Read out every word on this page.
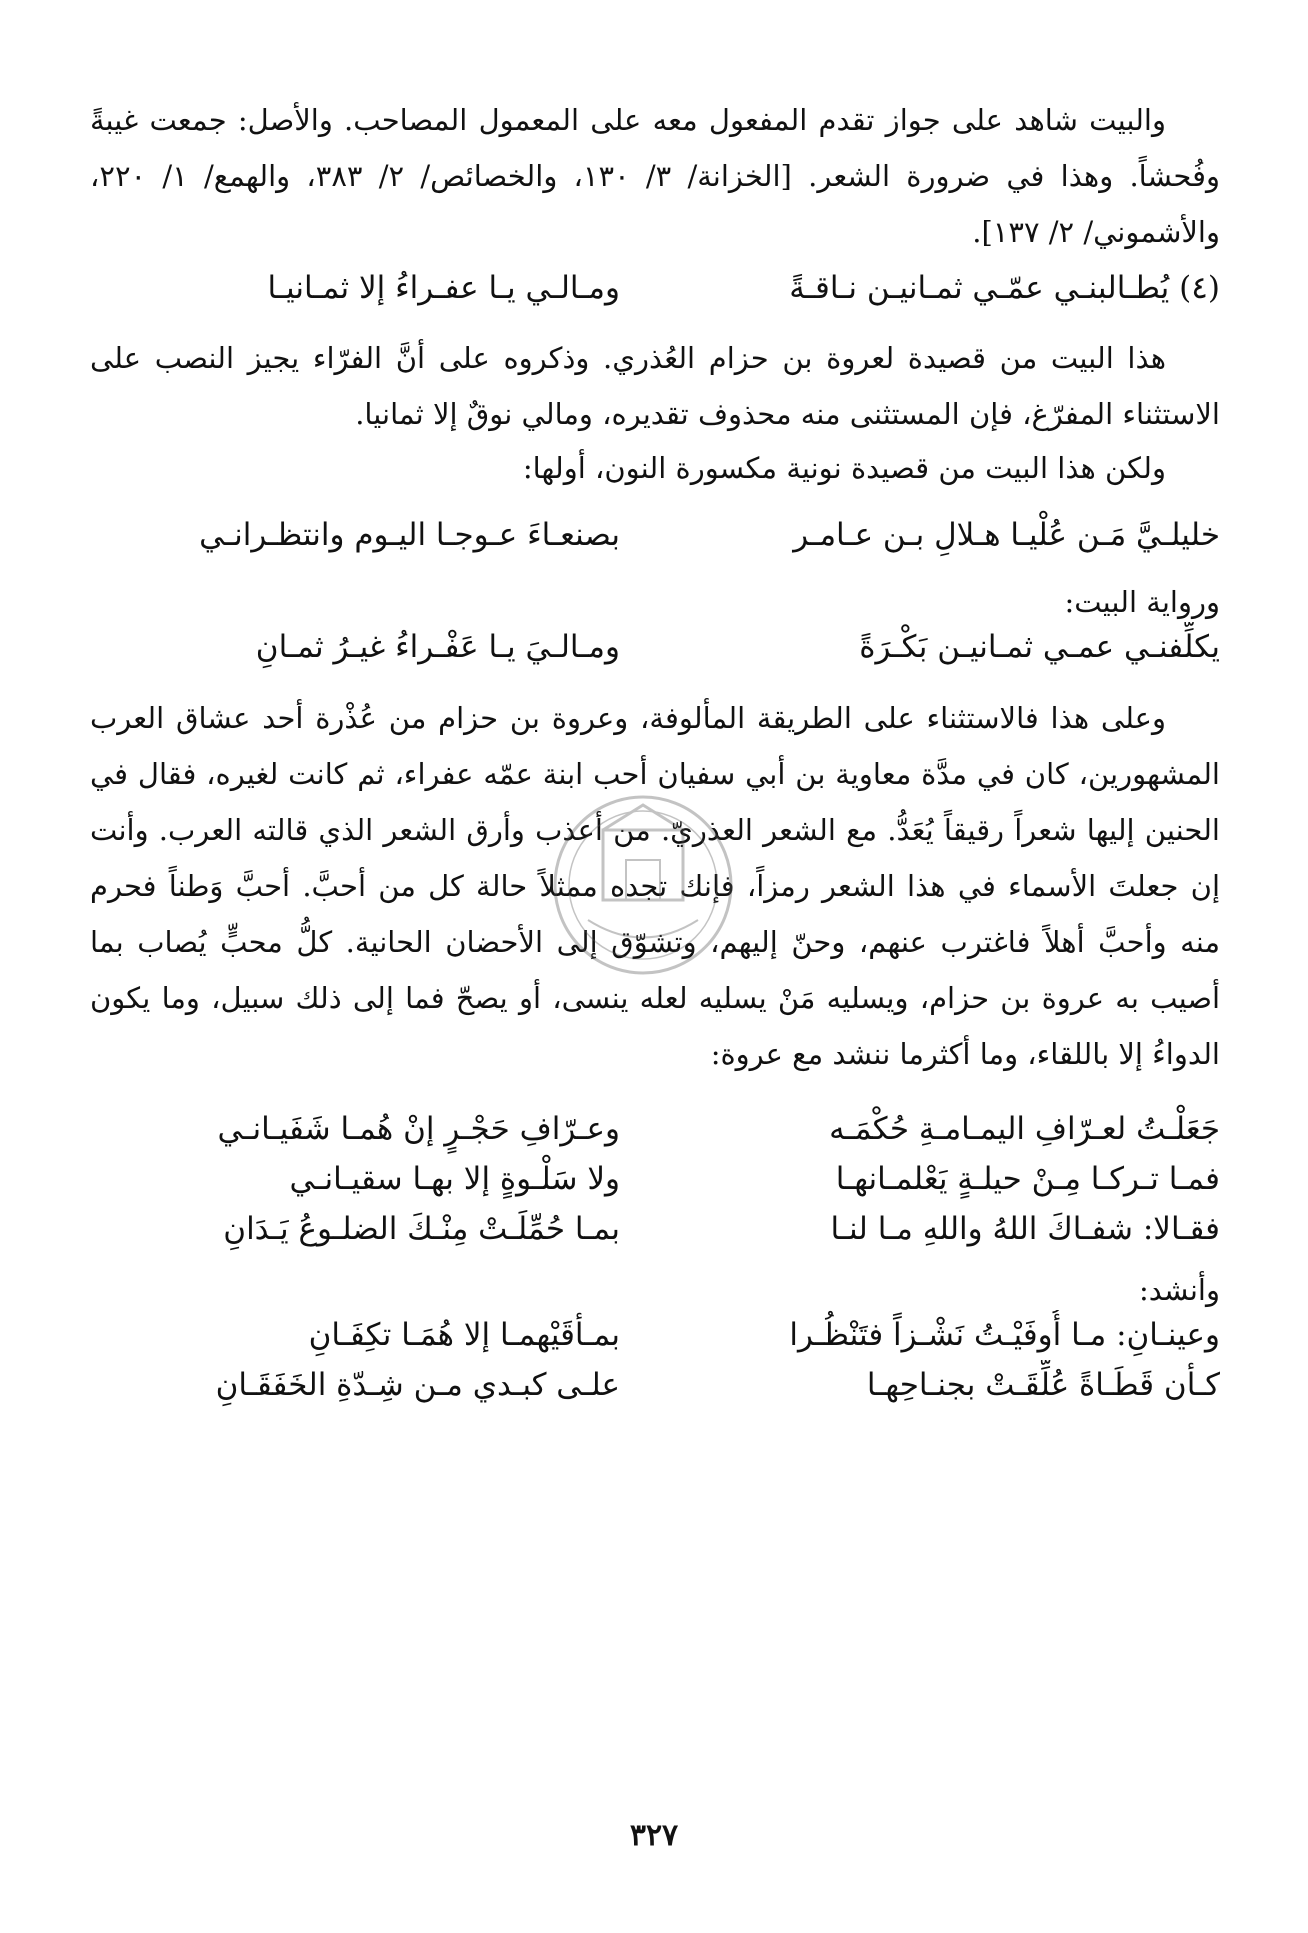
والبيت شاهد على جواز تقدم المفعول معه على المعمول المصاحب. والأصل: جمعت غيبةً وفُحشاً. وهذا في ضرورة الشعر. [الخزانة/ ٣/ ١٣٠، والخصائص/ ٢/ ٣٨٣، والهمع/ ١/ ٢٢٠، والأشموني/ ٢/ ١٣٧].

(٤) يُطـالبنـي عمّـي ثمـانيـن نـاقـةً
ومـالـي يـا عفـراءُ إلا ثمـانيـا

هذا البيت من قصيدة لعروة بن حزام العُذري. وذكروه على أنَّ الفرّاء يجيز النصب على الاستثناء المفرّغ، فإن المستثنى منه محذوف تقديره، ومالي نوقٌ إلا ثمانيا.

ولكن هذا البيت من قصيدة نونية مكسورة النون، أولها:

خليلـيَّ مَـن عُلْيـا هـلالِ بـن عـامـر
بصنعـاءَ عـوجـا اليـوم وانتظـرانـي
ورواية البيت:
يكلِّفنـي عمـي ثمـانيـن بَكْـرَةً
ومـالـيَ يـا عَفْـراءُ غيـرُ ثمـانِ

وعلى هذا فالاستثناء على الطريقة المألوفة، وعروة بن حزام من عُذْرة أحد عشاق العرب المشهورين، كان في مدَّة معاوية بن أبي سفيان أحب ابنة عمّه عفراء، ثم كانت لغيره، فقال في الحنين إليها شعراً رقيقاً يُعَدُّ. مع الشعر العذريّ. من أعذب وأرق الشعر الذي قالته العرب. وأنت إن جعلتَ الأسماء في هذا الشعر رمزاً، فإنك تجده ممثلاً حالة كل من أحبَّ. أحبَّ وَطناً فحرم منه وأحبَّ أهلاً فاغترب عنهم، وحنّ إليهم، وتشوّق إلى الأحضان الحانية. كلُّ محبٍّ يُصاب بما أصيب به عروة بن حزام، ويسليه مَنْ يسليه لعله ينسى، أو يصحّ فما إلى ذلك سبيل، وما يكون الدواءُ إلا باللقاء، وما أكثرما ننشد مع عروة:

جَعَلْـتُ لعـرّافِ اليمـامـةِ حُكْمَـه
وعـرّافِ حَجْـرٍ إنْ هُمـا شَفَيـانـي
فمـا تـركـا مِـنْ حيلـةٍ يَعْلمـانهـا
ولا سَلْـوةٍ إلا بهـا سقيـانـي
فقـالا: شفـاكَ اللهُ واللهِ مـا لنـا
بمـا حُمِّلَـتْ مِنْـكَ الضلـوعُ يَـدَانِ
وأنشد:
وعينـانِ: مـا أُوفَيْـتُ نَشْـزاً فتَنْظُـرا
بمـأقَيْهمـا إلا هُمَـا تكِفَـانِ
كـأن قَطَـاةً عُلِّقَـتْ بجنـاحِهـا
علـى كبـدي مـن شِـدّةِ الخَفَقَـانِ
٣٢٧
